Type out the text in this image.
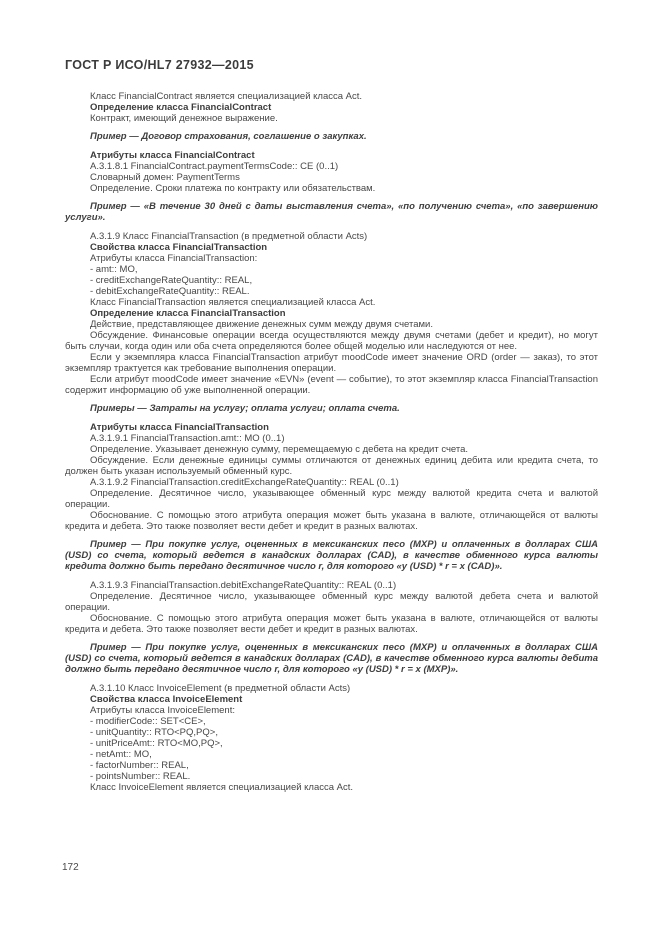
ГОСТ Р ИСО/HL7 27932—2015

Класс FinancialContract является специализацией класса Act.

Определение класса FinancialContract

Контракт, имеющий денежное выражение.

Пример — Договор страхования, соглашение о закупках.

Атрибуты класса FinancialContract

A.3.1.8.1 FinancialContract.paymentTermsCode:: CE (0..1)

Словарный домен: PaymentTerms

Определение. Сроки платежа по контракту или обязательствам.

Пример — «В течение 30 дней с даты выставления счета», «по получению счета», «по завершению услуги».

A.3.1.9 Класс FinancialTransaction (в предметной области Acts)

Свойства класса FinancialTransaction

Атрибуты класса FinancialTransaction:

- amt:: MO,

- creditExchangeRateQuantity:: REAL,

- debitExchangeRateQuantity:: REAL.

Класс FinancialTransaction является специализацией класса Act.

Определение класса FinancialTransaction

Действие, представляющее движение денежных сумм между двумя счетами.

Обсуждение. Финансовые операции всегда осуществляются между двумя счетами (дебет и кредит), но могут быть случаи, когда один или оба счета определяются более общей моделью или наследуются от нее.

Если у экземпляра класса FinancialTransaction атрибут moodCode имеет значение ORD (order — заказ), то этот экземпляр трактуется как требование выполнения операции.

Если атрибут moodCode имеет значение «EVN» (event — событие), то этот экземпляр класса FinancialTransaction содержит информацию об уже выполненной операции.

Примеры — Затраты на услугу; оплата услуги; оплата счета.

Атрибуты класса FinancialTransaction

A.3.1.9.1 FinancialTransaction.amt:: MO (0..1)

Определение. Указывает денежную сумму, перемещаемую с дебета на кредит счета.

Обсуждение. Если денежные единицы суммы отличаются от денежных единиц дебита или кредита счета, то должен быть указан используемый обменный курс.

A.3.1.9.2 FinancialTransaction.creditExchangeRateQuantity:: REAL (0..1)

Определение. Десятичное число, указывающее обменный курс между валютой кредита счета и валютой операции.

Обоснование. С помощью этого атрибута операция может быть указана в валюте, отличающейся от валюты кредита и дебета. Это также позволяет вести дебет и кредит в разных валютах.

Пример — При покупке услуг, оцененных в мексиканских песо (MXP) и оплаченных в долларах США (USD) со счета, который ведется в канадских долларах (CAD), в качестве обменного курса валюты кредита должно быть передано десятичное число r, для которого «y (USD) * r = x (CAD)».

A.3.1.9.3 FinancialTransaction.debitExchangeRateQuantity:: REAL (0..1)

Определение. Десятичное число, указывающее обменный курс между валютой дебета счета и валютой операции.

Обоснование. С помощью этого атрибута операция может быть указана в валюте, отличающейся от валюты кредита и дебета. Это также позволяет вести дебет и кредит в разных валютах.

Пример — При покупке услуг, оцененных в мексиканских песо (MXP) и оплаченных в долларах США (USD) со счета, который ведется в канадских долларах (CAD), в качестве обменного курса валюты дебита должно быть передано десятичное число r, для которого «y (USD) * r = x (MXP)».

A.3.1.10 Класс InvoiceElement (в предметной области Acts)

Свойства класса InvoiceElement

Атрибуты класса InvoiceElement:

- modifierCode:: SET<CE>,

- unitQuantity:: RTO<PQ,PQ>,

- unitPriceAmt:: RTO<MO,PQ>,

- netAmt:: MO,

- factorNumber:: REAL,

- pointsNumber:: REAL.

Класс InvoiceElement является специализацией класса Act.

172
